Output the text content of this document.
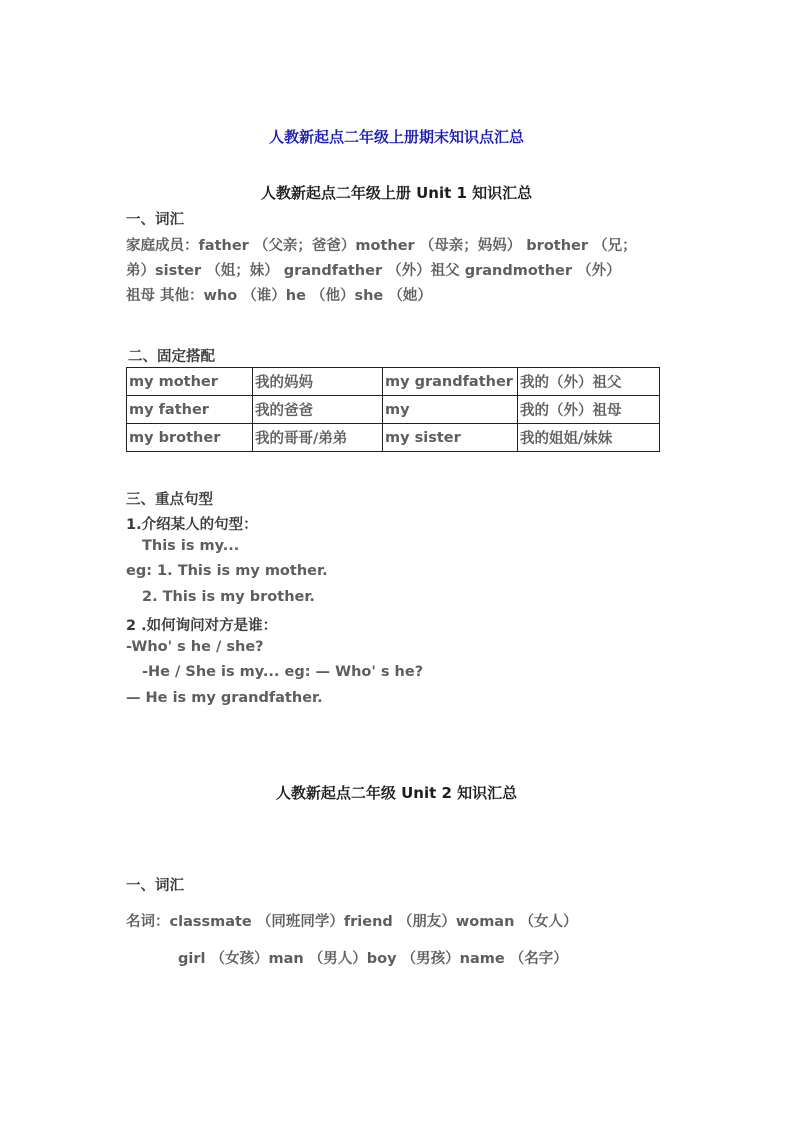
人教新起点二年级上册期末知识点汇总
人教新起点二年级上册 Unit 1 知识汇总
一、词汇
家庭成员：father （父亲；爸爸）mother （母亲；妈妈） brother （兄；
弟）sister （姐；妹） grandfather （外）祖父 grandmother （外）
祖母 其他：who （谁）he （他）she （她）
二、固定搭配
my mother	我的妈妈	my grandfather	我的（外）祖父
my father	我的爸爸	my	我的（外）祖母
my brother	我的哥哥/弟弟	my sister	我的姐姐/妹妹
三、重点句型
1.介绍某人的句型：
This is my...
eg: 1. This is my mother.
2. This is my brother.
2 .如何询问对方是谁：
-Who' s he / she?
-He / She is my... eg: — Who' s he?
— He is my grandfather.
人教新起点二年级 Unit 2 知识汇总
一、词汇
名词：classmate （同班同学）friend （朋友）woman （女人）
girl （女孩）man （男人）boy （男孩）name （名字）
